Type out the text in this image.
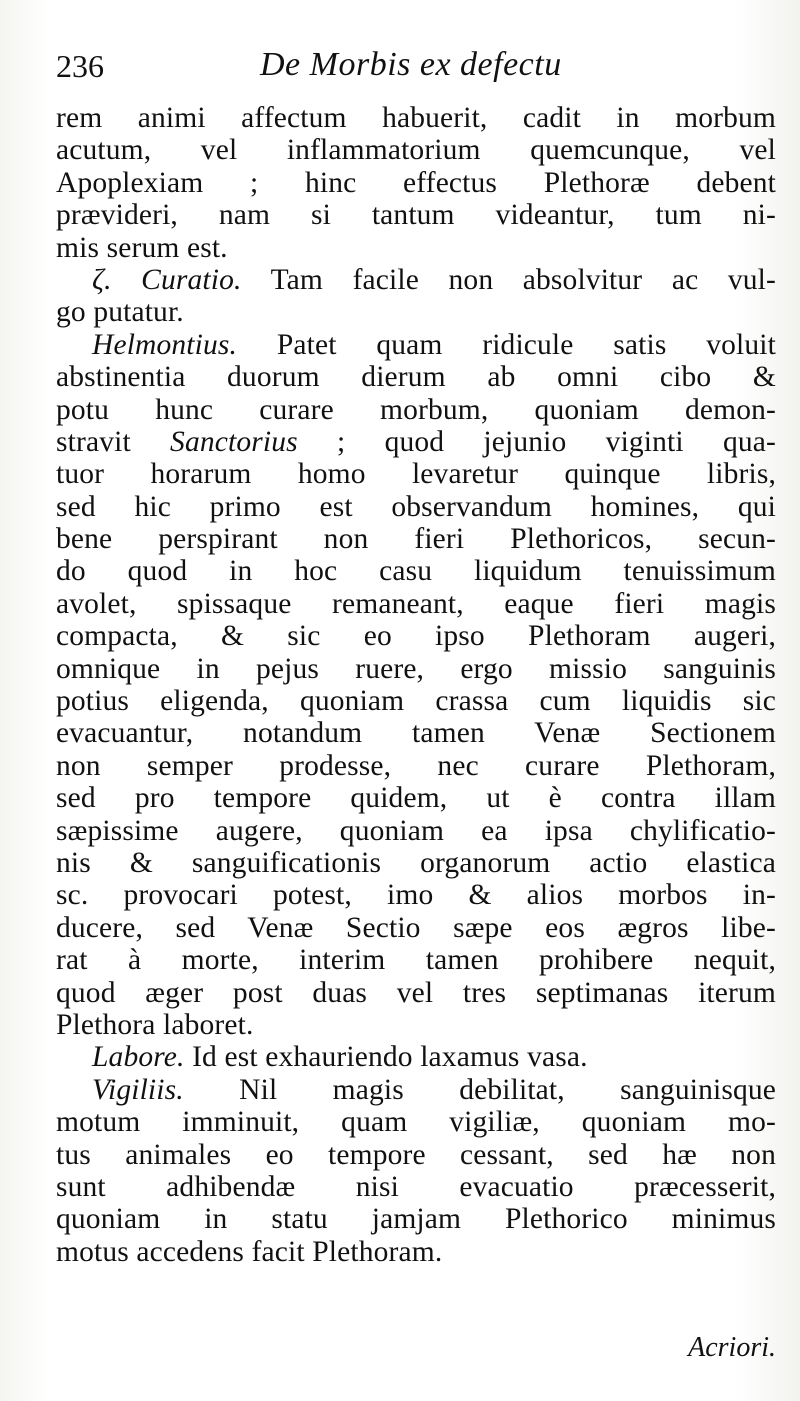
236	De Morbis ex defectu
rem animi affectum habuerit, cadit in morbum
acutum, vel inflammatorium quemcunque, vel
Apoplexiam ; hinc effectus Plethoræ debent
prævideri, nam si tantum videantur, tum ni-
mis serum est.
ζ. Curatio. Tam facile non absolvitur ac vul-
go putatur.
Helmontius. Patet quam ridicule satis voluit
abstinentia duorum dierum ab omni cibo &
potu hunc curare morbum, quoniam demon-
stravit Sanctorius ; quod jejunio viginti qua-
tuor horarum homo levaretur quinque libris,
sed hic primo est observandum homines, qui
bene perspirant non fieri Plethoricos, secun-
do quod in hoc casu liquidum tenuissimum
avolet, spissaque remaneant, eaque fieri magis
compacta, & sic eo ipso Plethoram augeri,
omnique in pejus ruere, ergo missio sanguinis
potius eligenda, quoniam crassa cum liquidis sic
evacuantur, notandum tamen Venæ Sectionem
non semper prodesse, nec curare Plethoram,
sed pro tempore quidem, ut è contra illam
sæpissime augere, quoniam ea ipsa chylificatio-
nis & sanguificationis organorum actio elastica
sc. provocari potest, imo & alios morbos in-
ducere, sed Venæ Sectio sæpe eos ægros libe-
rat à morte, interim tamen prohibere nequit,
quod æger post duas vel tres septimanas iterum
Plethora laboret.
Labore. Id est exhauriendo laxamus vasa.
Vigiliis. Nil magis debilitat, sanguinisque
motum imminuit, quam vigiliæ, quoniam mo-
tus animales eo tempore cessant, sed hæ non
sunt adhibendæ nisi evacuatio præcesserit,
quoniam in statu jamjam Plethorico minimus
motus accedens facit Plethoram.
Acriori.
